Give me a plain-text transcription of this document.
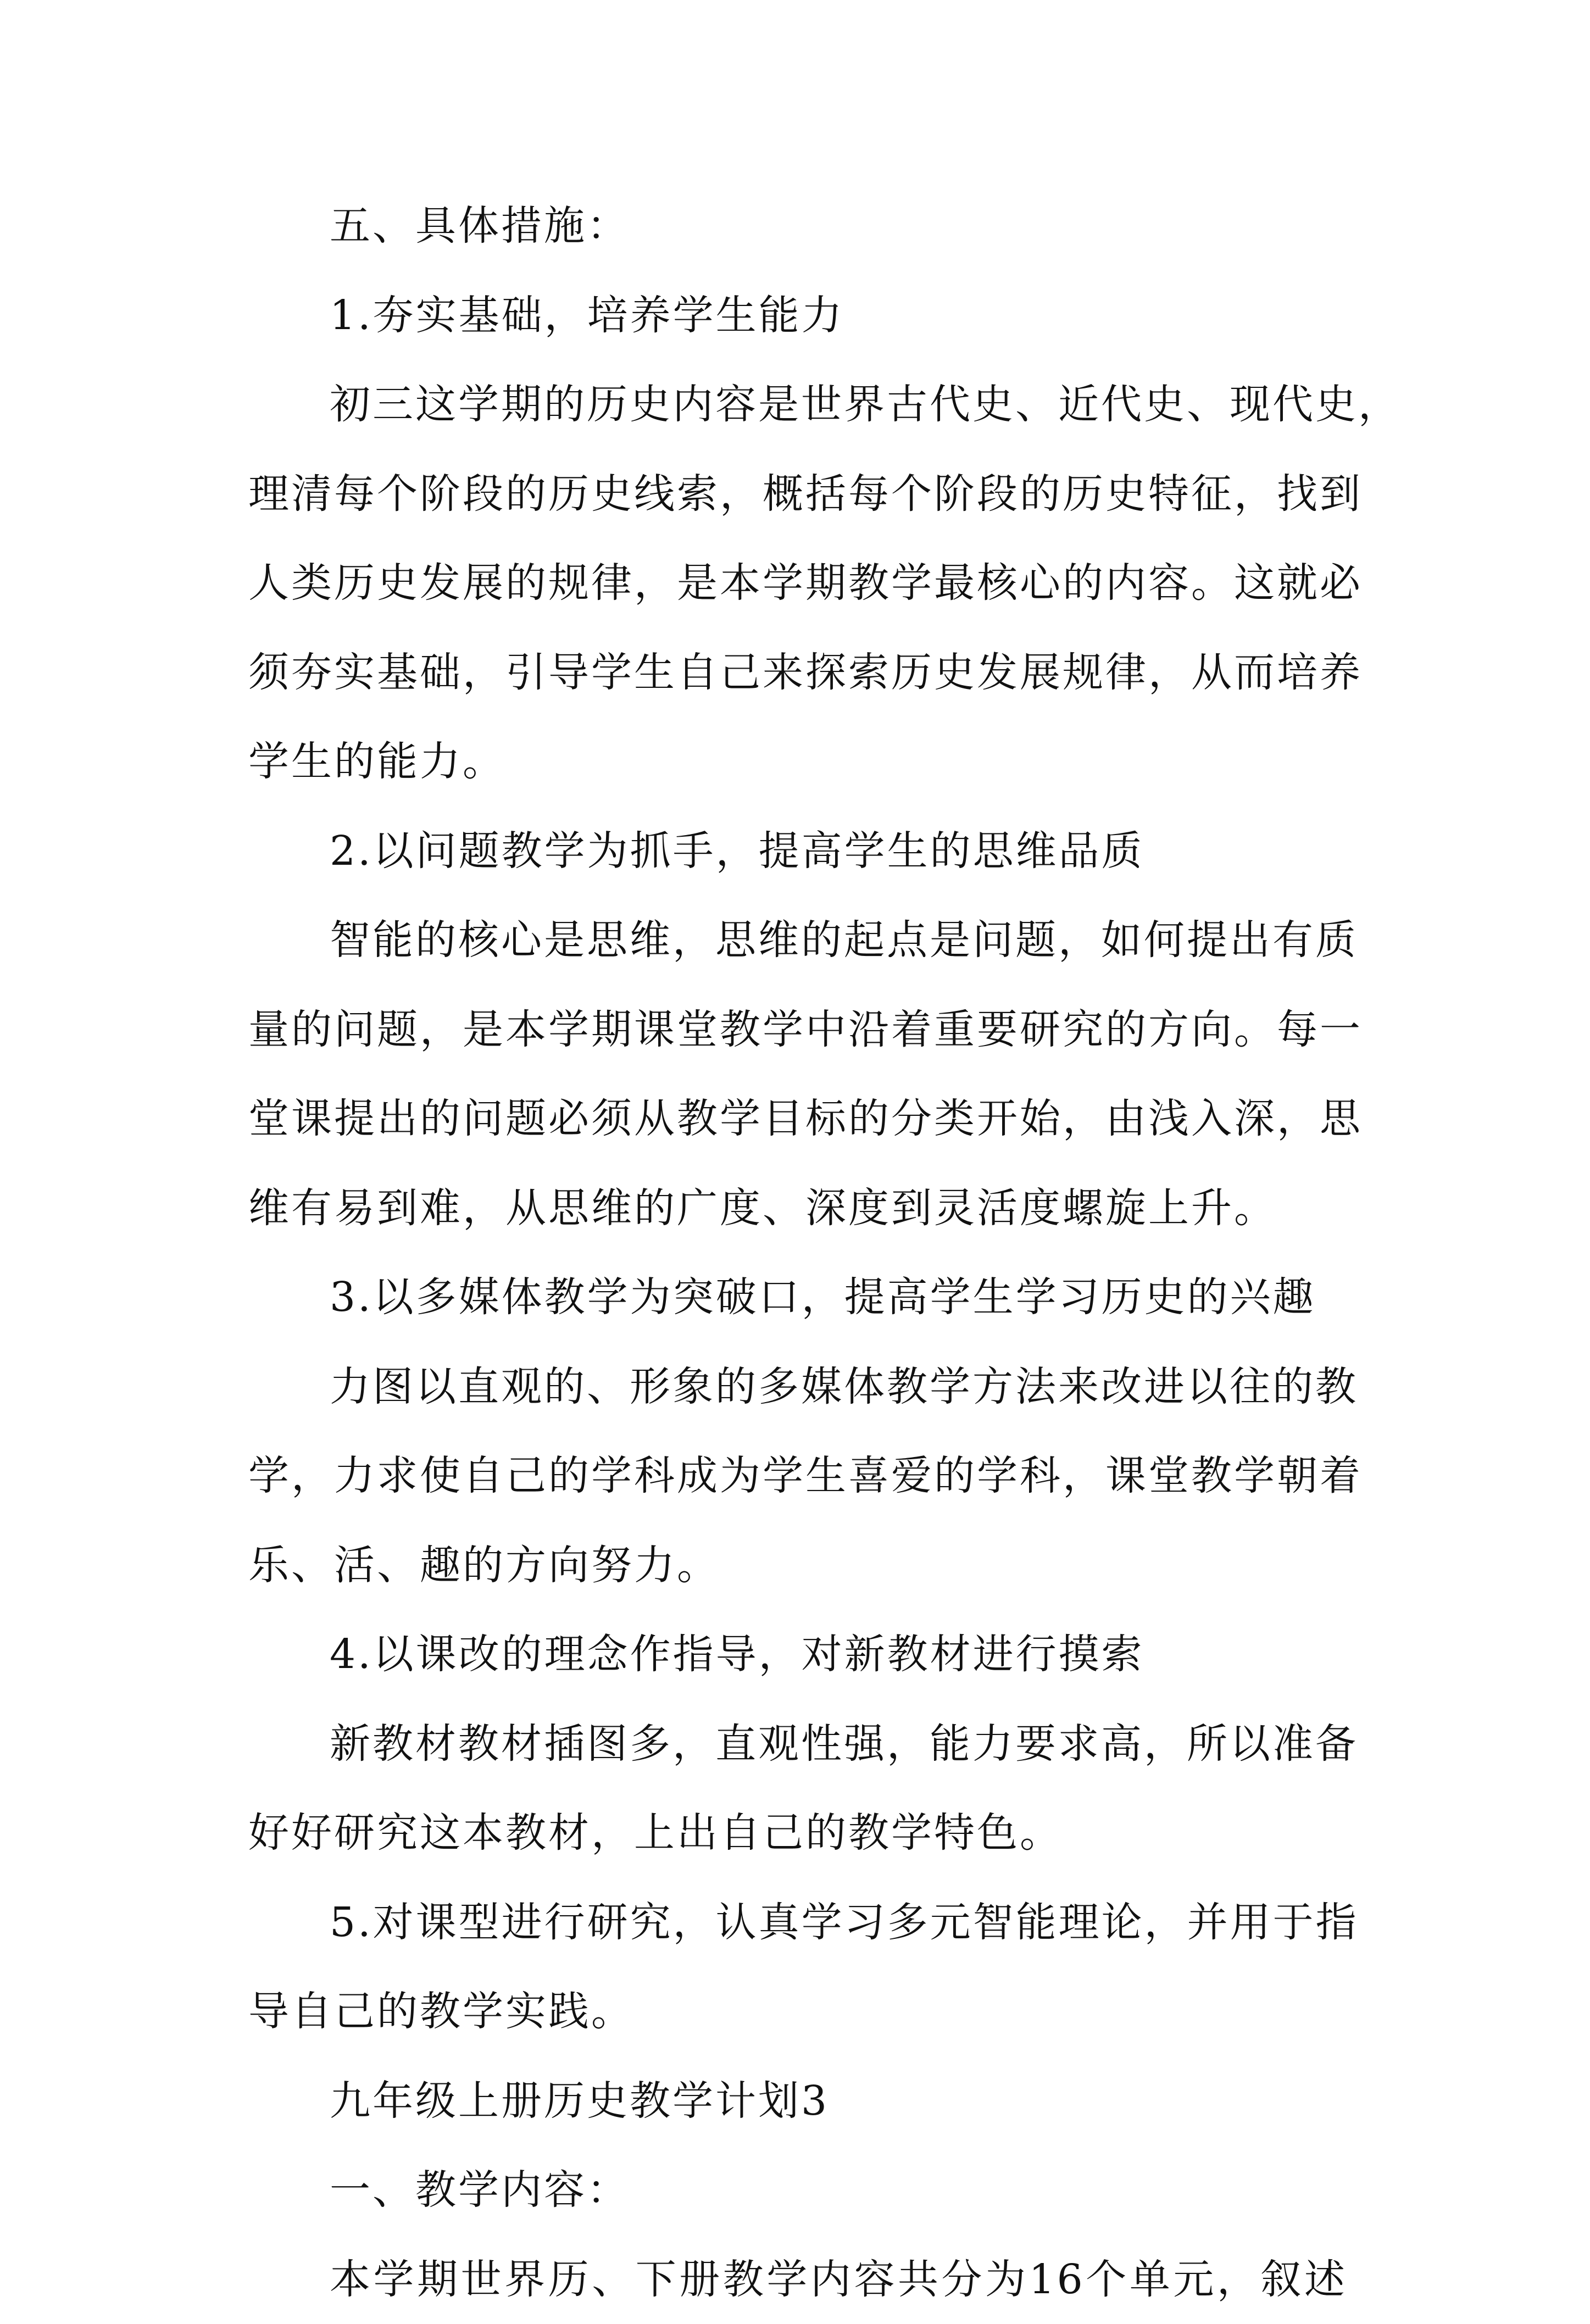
五、具体措施：
1.夯实基础，培养学生能力
初三这学期的历史内容是世界古代史、近代史、现代史，
理清每个阶段的历史线索，概括每个阶段的历史特征，找到
人类历史发展的规律，是本学期教学最核心的内容。这就必
须夯实基础，引导学生自己来探索历史发展规律，从而培养
学生的能力。
2.以问题教学为抓手，提高学生的思维品质
智能的核心是思维，思维的起点是问题，如何提出有质
量的问题，是本学期课堂教学中沿着重要研究的方向。每一
堂课提出的问题必须从教学目标的分类开始，由浅入深，思
维有易到难，从思维的广度、深度到灵活度螺旋上升。
3.以多媒体教学为突破口，提高学生学习历史的兴趣
力图以直观的、形象的多媒体教学方法来改进以往的教
学，力求使自己的学科成为学生喜爱的学科，课堂教学朝着
乐、活、趣的方向努力。
4.以课改的理念作指导，对新教材进行摸索
新教材教材插图多，直观性强，能力要求高，所以准备
好好研究这本教材，上出自己的教学特色。
5.对课型进行研究，认真学习多元智能理论，并用于指
导自己的教学实践。
九年级上册历史教学计划3
一、教学内容：
本学期世界历、下册教学内容共分为16个单元，叙述
